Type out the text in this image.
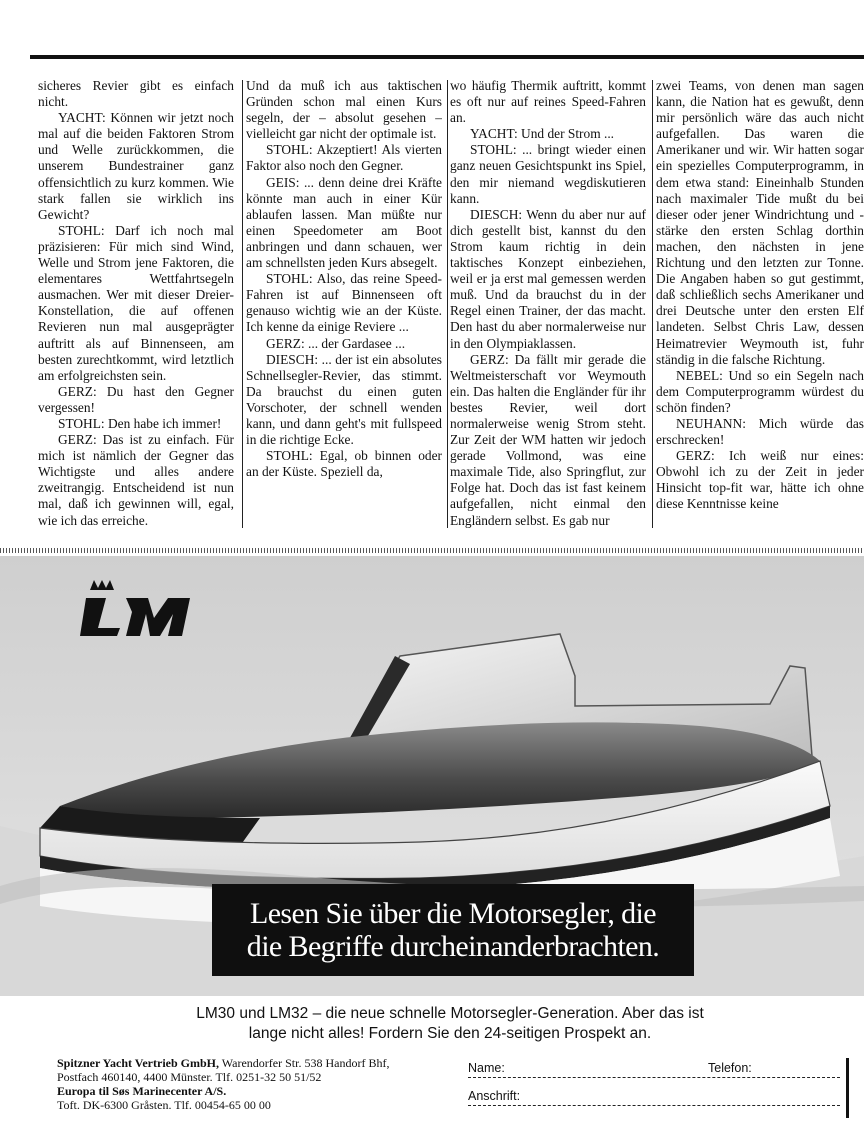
sicheres Revier gibt es einfach nicht.

YACHT: Können wir jetzt noch mal auf die beiden Faktoren Strom und Welle zurückkommen, die unserem Bundestrainer ganz offensichtlich zu kurz kommen. Wie stark fallen sie wirklich ins Gewicht?

STOHL: Darf ich noch mal präzisieren: Für mich sind Wind, Welle und Strom jene Faktoren, die elementares Wettfahrtsegeln ausmachen. Wer mit dieser Dreier-Konstellation, die auf offenen Revieren nun mal ausgeprägter auftritt als auf Binnenseen, am besten zurechtkommt, wird letztlich am erfolgreichsten sein.

GERZ: Du hast den Gegner vergessen!

STOHL: Den habe ich immer!

GERZ: Das ist zu einfach. Für mich ist nämlich der Gegner das Wichtigste und alles andere zweitrangig. Entscheidend ist nun mal, daß ich gewinnen will, egal, wie ich das erreiche.

Und da muß ich aus taktischen Gründen schon mal einen Kurs segeln, der – absolut gesehen – vielleicht gar nicht der optimale ist.

STOHL: Akzeptiert! Als vierten Faktor also noch den Gegner.

GEIS: ... denn deine drei Kräfte könnte man auch in einer Kür ablaufen lassen. Man müßte nur einen Speedometer am Boot anbringen und dann schauen, wer am schnellsten jeden Kurs absegelt.

STOHL: Also, das reine Speed-Fahren ist auf Binnenseen oft genauso wichtig wie an der Küste. Ich kenne da einige Reviere ...

GERZ: ... der Gardasee ...

DIESCH: ... der ist ein absolutes Schnellsegler-Revier, das stimmt. Da brauchst du einen guten Vorschoter, der schnell wenden kann, und dann geht's mit fullspeed in die richtige Ecke.

STOHL: Egal, ob binnen oder an der Küste. Speziell da,

wo häufig Thermik auftritt, kommt es oft nur auf reines Speed-Fahren an.

YACHT: Und der Strom ...

STOHL: ... bringt wieder einen ganz neuen Gesichtspunkt ins Spiel, den mir niemand wegdiskutieren kann.

DIESCH: Wenn du aber nur auf dich gestellt bist, kannst du den Strom kaum richtig in dein taktisches Konzept einbeziehen, weil er ja erst mal gemessen werden muß. Und da brauchst du in der Regel einen Trainer, der das macht. Den hast du aber normalerweise nur in den Olympiaklassen.

GERZ: Da fällt mir gerade die Weltmeisterschaft vor Weymouth ein. Das halten die Engländer für ihr bestes Revier, weil dort normalerweise wenig Strom steht. Zur Zeit der WM hatten wir jedoch gerade Vollmond, was eine maximale Tide, also Springflut, zur Folge hat. Doch das ist fast keinem aufgefallen, nicht einmal den Engländern selbst. Es gab nur

zwei Teams, von denen man sagen kann, die Nation hat es gewußt, denn mir persönlich wäre das auch nicht aufgefallen. Das waren die Amerikaner und wir. Wir hatten sogar ein spezielles Computerprogramm, in dem etwa stand: Eineinhalb Stunden nach maximaler Tide mußt du bei dieser oder jener Windrichtung und -stärke den ersten Schlag dorthin machen, den nächsten in jene Richtung und den letzten zur Tonne. Die Angaben haben so gut gestimmt, daß schließlich sechs Amerikaner und drei Deutsche unter den ersten Elf landeten. Selbst Chris Law, dessen Heimatrevier Weymouth ist, fuhr ständig in die falsche Richtung.

NEBEL: Und so ein Segeln nach dem Computerprogramm würdest du schön finden?

NEUHANN: Mich würde das erschrecken!

GERZ: Ich weiß nur eines: Obwohl ich zu der Zeit in jeder Hinsicht top-fit war, hätte ich ohne diese Kenntnisse keine

Lesen Sie über die Motorsegler, die
die Begriffe durcheinanderbrachten.
LM30 und LM32 – die neue schnelle Motorsegler-Generation. Aber das ist
lange nicht alles! Fordern Sie den 24-seitigen Prospekt an.
Spitzner Yacht Vertrieb GmbH, Warendorfer Str. 538 Handorf Bhf,
Postfach 460140, 4400 Münster. Tlf. 0251-32 50 51/52
Europa til Søs Marinecenter A/S.
Toft. DK-6300 Gråsten. Tlf. 00454-65 00 00
Name:	Telefon:
Anschrift:
